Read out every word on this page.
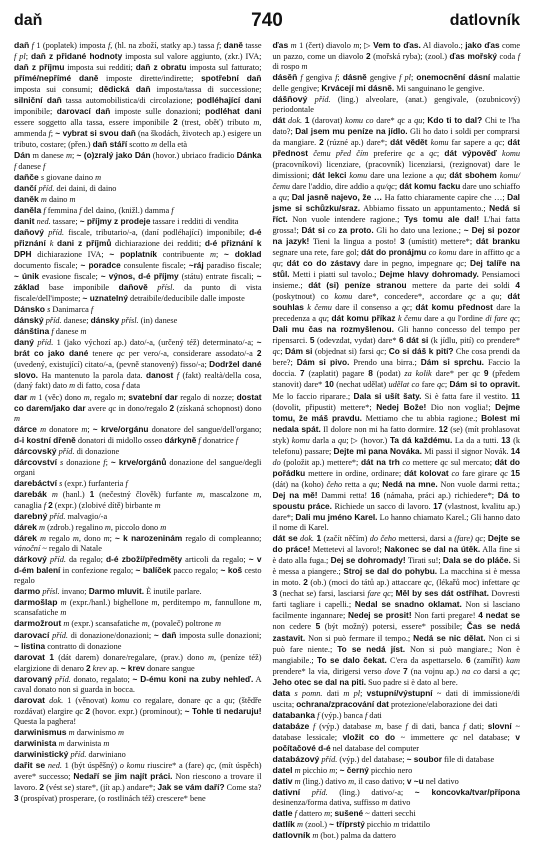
daň	740	datlovník

daň f 1 (poplatek) imposta f, (hl. na zboží, statky ap.) tassa f; daně tasse f pl; daň z přidané hodnoty imposta sul valore aggiunto, (zkr.) IVA; daň z příjmu imposta sui redditi; daň z obratu imposta sul fatturato; přímé/nepřímé daně imposte dirette/indirette; spotřební daň imposta sui consumi; dědická daň imposta/tassa di successione; silniční daň tassa automobilistica/di circolazione; podléhající dani imponibile; darovací daň imposte sulle donazioni; podléhat dani essere soggetto alla tassa, essere imponibile 2 (trest, oběť) tributo m, ammenda f; ~ vybrat si svou daň (na škodách, životech ap.) esigere un tributo, costare; (přen.) daň stáří scotto m della età

Dán m danese m; ~ (o)zralý jako Dán (hovor.) ubriaco fradicio Dánka f danese f

daňče s giovane daino m

dančí příd. dei daini, di daino

daněk m daino m

daněla f femmina f del daino, (knižl.) damma f

danit ned. tassare; ~ příjmy z prodeje tassare i redditi di vendita

daňový příd. fiscale, tributario/-a, (daní podléhající) imponibile; d-é přiznání k dani z příjmů dichiarazione dei redditi; d-é přiznání k DPH dichiarazione IVA; ~ poplatník contribuente m; ~ doklad documento fiscale; ~ poradce consulente fiscale; ~ráj paradiso fiscale; ~ únik evasione fiscale; ~ výnos, d-é příjmy (státu) entrate fiscali; ~ základ base imponibile daňově přísl. da punto di vista fiscale/dell'imposte; ~ uznatelný detraibile/deducibile dalle imposte

Dánsko s Danimarca f

dánský příd. danese; dánsky přísl. (in) danese

dánština f danese m

daný příd. 1 (jako výchozí ap.) dato/-a, (určený též) determinato/-a; ~ brát co jako dané tenere qc per vero/-a, considerare assodato/-a 2 (uvedený, existující) citato/-a, (pevně stanovený) fisso/-a; Dodržel dané slovo. Ha mantenuto la parola data. danost f (fakt) realtà/della cosa, (daný fakt) dato m di fatto, cosa f data

dar m 1 (věc) dono m, regalo m; svatební dar regalo di nozze; dostat co darem/jako dar avere qc in dono/regalo 2 (získaná schopnost) dono m

dárce m donatore m; ~ krve/orgánu donatore del sangue/dell'organo; d-i kostní dřeně donatori di midollo osseo dárkyně f donatrice f

dárcovský příd. di donazione

dárcovství s donazione f; ~ krve/orgánů donazione del sangue/degli organi

darebáctví s (expr.) furfanteria f

darebák m (hanl.) 1 (nečestný člověk) furfante m, mascalzone m, canaglia f 2 (expr.) (zlobivé dítě) birbante m

darebný příd. malvagio/-a

dárek m (zdrob.) regalino m, piccolo dono m

dárek m regalo m, dono m; ~ k narozeninám regalo di compleanno; vánoční ~ regalo di Natale

dárkový příd. da regalo; d-é zboží/předměty articoli da regalo; ~ v d-ém balení in confezione regalo; ~ balíček pacco regalo; ~ koš cesto regalo

darmo přísl. invano; Darmo mluvit. È inutile parlare.

darmošlap m (expr./hanl.) bighellone m, perditempo m, fannullone m, scansafatiche m

darmožrout m (expr.) scansafatiche m, (povaleč) poltrone m

darovací příd. di donazione/donazioni; ~ daň imposta sulle donazioni; ~ listina contratto di donazione

darovat 1 (dát darem) donare/regalare, (prav.) dono m, (peníze též) elargizione di denaro 2 krev ap. ~ krev donare sangue

darovaný příd. donato, regalato; ~ D-ému koni na zuby nehleď. A caval donato non si guarda in bocca.

darovat dok. 1 (věnovat) komu co regalare, donare qc a qu; (štědře rozdávat) elargire qc 2 (hovor. expr.) (prominout); ~ Tohle ti nedaruju! Questa la paghera!

darwinismus m darwinismo m

darwinista m darwinista m

darwinistický příd. darwiniano

dařit se ned. 1 (být úspěšný) o komu riuscire* a (fare) qc, (mít úspěch) avere* successo; Nedaří se jim najít práci. Non riescono a trovare il lavoro. 2 (vést se) stare*, (jít ap.) andare*; Jak se vám daří? Come sta? 3 (prospívat) prosperare, (o rostlinách též) crescere* bene

ďas m 1 (čert) diavolo m; ▷ Vem to ďas. Al diavolo.; jako ďas come un pazzo, come un diavolo 2 (mořská ryba); (zool.) ďas mořský coda f di rospo m

dásěň f gengiva f; dásně gengive f pl; onemocnění dásní malattie delle gengive; Krvácejí mi dásně. Mi sanguinano le gengive.

dášňový příd. (ling.) alveolare, (anat.) gengivale, (ozubnicový) periodontale

dát dok. 1 (darovat) komu co dare* qc a qu; Kdo ti to dal? Chi te l'ha dato?; Dal jsem mu peníze na jídlo. Gli ho dato i soldi per comprarsi da mangiare. 2 (rúzné ap.) dare*; dát vědět komu far sapere a qc; dát přednost čemu před čím preferire qc a qc; dát výpověď komu (pracovníkovi) licenziare, (pracovník) licenziarsi, (rezignovat) dare le dimissioni; dát lekci komu dare una lezione a qu; dát sbohem komu/čemu dare l'addio, dire addio a qu/qc; dát komu facku dare uno schiaffo a qu; Dal jasně najevo, že … Ha fatto chiaramente capire che …; Dal jsme si schůzku/sraz. Abbiamo fissato un appuntamento.; Nedá si říct. Non vuole intendere ragione.; Tys tomu ale dal! L'hai fatta grossa!; Dát si co za proto. Gli ho dato una lezione.; ~ Dej si pozor na jazyk! Tieni la lingua a posto! 3 (umístit) mettere*; dát branku segnare una rete, fare gol; dát do pronájmu co komu dare in affitto qc a qu; dát co do zástavy dare in pegno, impegnare qc; Dej talíře na stůl. Metti i piatti sul tavolo.; Dejme hlavy dohromady. Pensiamoci insieme.; dát (si) peníze stranou mettere da parte dei soldi 4 (poskytnout) co komu dare*, concedere*, accordare qc a qu; dát souhlas k čemu dare il consenso a qc; dát komu přednost dare la precedenza a qu; dát komu příkaz k čemu dare a qu l'ordine di fare qc; Dali mu čas na rozmyšlenou. Gli hanno concesso del tempo per ripensarci. 5 (odevzdat, vydat) dare* 6 dát si (k jídlu, pití) co prendere* qc; Dám si (objednat si) farsi qc; Co si dáš k pití? Che cosa prendi da bere?; Dám si pivo. Prendo una birra.; Dám si sprchu. Faccio la doccia. 7 (zaplatit) pagare 8 (podat) za kolik dare* per qc 9 (předem stanovit) dare* 10 (nechat udělat) udělat co fare qc; Dám si to opravit. Me lo faccio riparare.; Dala si ušít šaty. Si è fatta fare il vestito. 11 (dovolit, připustit) mettere*; Nedej Bože! Dio non voglia!; Dejme tomu, že máš pravdu. Mettiamo che tu abbia ragione.; Bolest mi nedala spát. Il dolore non mi ha fatto dormire. 12 (se) (mít prohlasovat styk) komu darla a qu; ▷ (hovor.) Ta dá každému. La da a tutti. 13 (k telefonu) passare; Dejte mi pana Nováka. Mi passi il signor Novák. 14 do (položit ap.) mettere*; dát na trh co mettere qc sul mercato; dát do pořádku mettere in ordine, ordinare; dát kolovat co fare girare qc 15 (dát) na (koho) čeho retta a qu; Nedá na mne. Non vuole darmi retta.; Dej na mě! Dammi retta! 16 (námaha, práci ap.) richiedere*; Dá to spoustu práce. Richiede un sacco di lavoro. 17 (vlastnost, kvalitu ap.) dare*; Dali mu jméno Karel. Lo hanno chiamato Karel.; Gli hanno dato il nome di Karel.

dát se dok. 1 (začít něčím) do čeho mettersi, darsi a (fare) qc; Dejte se do práce! Mettetevi al lavoro!; Nakonec se dal na útěk. Alla fine si è dato alla fuga.; Dej se dohromady! Tirati su!; Dala se do pláče. Si è messa a piangere.; Stroj se dal do pohybu. La macchina si è messa in moto. 2 (ob.) (moci do tátů ap.) attaccare qc, (lékařů moc) infettare qc 3 (nechat se) farsi, lasciarsi fare qc; Měl by ses dát ostříhat. Dovresti farti tagliare i capelli.; Nedal se snadno oklamat. Non si lasciano facilmente ingannare; Nedej se prosit! Non farti pregare! 4 nedat se non cedere 5 (být možný) potersi, essere* possibile; Čas se nedá zastavit. Non si può fermare il tempo.; Nedá se nic dělat. Non ci si può fare niente.; To se nedá jíst. Non si può mangiare.; Non è mangiabile.; To se dalo čekat. C'era da aspettarselo. 6 (zamířit) kam prendere* la via, dirigersi verso dove 7 (na vojnu ap.) na co darsi a qc; Jeho otec se dal na piti. Suo padre si è dato al bere.

data s pomn. dati m pl; vstupní/výstupní ~ dati di immissione/di uscita; ochrana/zpracování dat protezione/elaborazione dei dati

databanka f (výp.) banca f dati

databáze f (výp.) database m, base f di dati, banca f dati; slovní ~ database lessicale; vložit co do ~ immettere qc nel database; v počítačové d-é nel database del computer

databázový příd. (výp.) del database; ~ soubor file di database

datel m picchio m; ~ černý picchio nero

dativ m (ling.) dativo m, il caso dativo; v ~u nel dativo

dativní příd. (ling.) dativo/-a; ~ koncovka/tvar/přípona desinenza/forma dativa, suffisso m dativo

datle f dattero m; sušené ~ datteri secchi

datlík m (zool.) ~ tříprstý picchio m tridattilo

datlovník m (bot.) palma da dattero
